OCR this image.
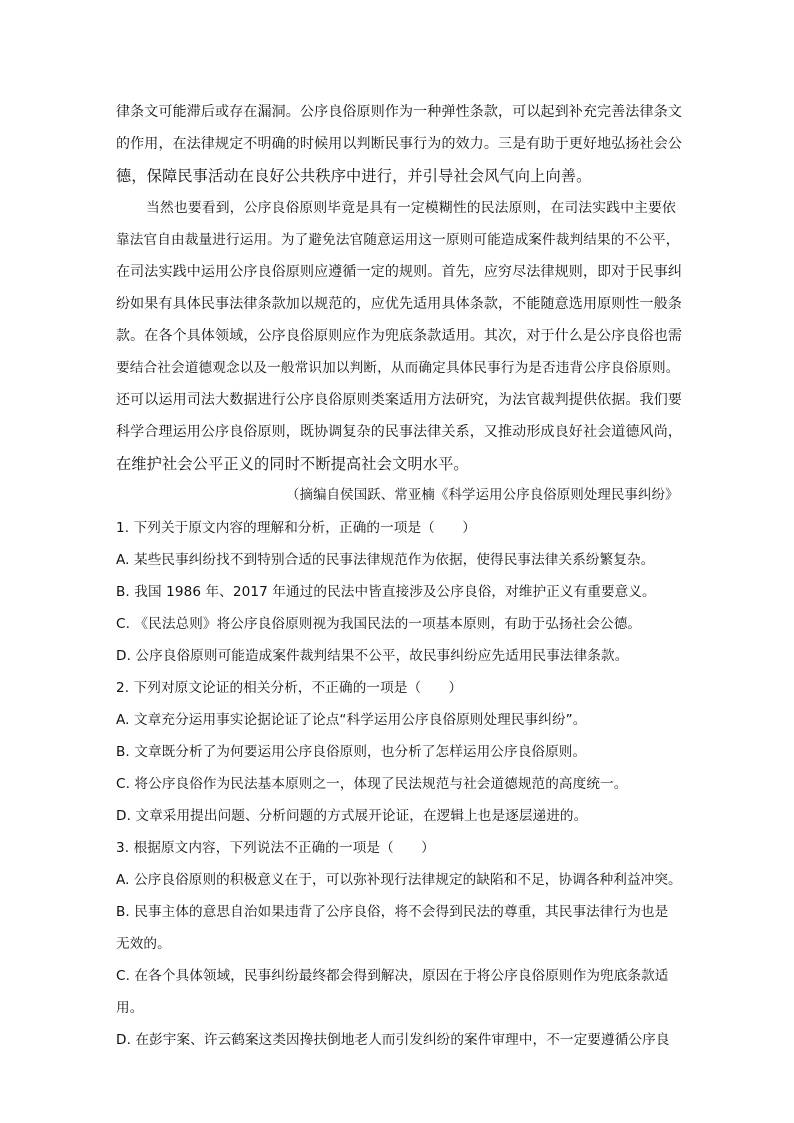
律条文可能滞后或存在漏洞。公序良俗原则作为一种弹性条款，可以起到补充完善法律条文
的作用，在法律规定不明确的时候用以判断民事行为的效力。三是有助于更好地弘扬社会公
德，保障民事活动在良好公共秩序中进行，并引导社会风气向上向善。
当然也要看到，公序良俗原则毕竟是具有一定模糊性的民法原则，在司法实践中主要依
靠法官自由裁量进行运用。为了避免法官随意运用这一原则可能造成案件裁判结果的不公平，
在司法实践中运用公序良俗原则应遵循一定的规则。首先，应穷尽法律规则，即对于民事纠
纷如果有具体民事法律条款加以规范的，应优先适用具体条款，不能随意选用原则性一般条
款。在各个具体领域，公序良俗原则应作为兜底条款适用。其次，对于什么是公序良俗也需
要结合社会道德观念以及一般常识加以判断，从而确定具体民事行为是否违背公序良俗原则。
还可以运用司法大数据进行公序良俗原则类案适用方法研究，为法官裁判提供依据。我们要
科学合理运用公序良俗原则，既协调复杂的民事法律关系，又推动形成良好社会道德风尚，
在维护社会公平正义的同时不断提高社会文明水平。
（摘编自侯国跃、常亚楠《科学运用公序良俗原则处理民事纠纷》
1. 下列关于原文内容的理解和分析，正确的一项是（　　）
A. 某些民事纠纷找不到特别合适的民事法律规范作为依据，使得民事法律关系纷繁复杂。
B. 我国 1986 年、2017 年通过的民法中皆直接涉及公序良俗，对维护正义有重要意义。
C. 《民法总则》将公序良俗原则视为我国民法的一项基本原则，有助于弘扬社会公德。
D. 公序良俗原则可能造成案件裁判结果不公平，故民事纠纷应先适用民事法律条款。
2. 下列对原文论证的相关分析，不正确的一项是（　　）
A. 文章充分运用事实论据论证了论点“科学运用公序良俗原则处理民事纠纷”。
B. 文章既分析了为何要运用公序良俗原则，也分析了怎样运用公序良俗原则。
C. 将公序良俗作为民法基本原则之一，体现了民法规范与社会道德规范的高度统一。
D. 文章采用提出问题、分析问题的方式展开论证，在逻辑上也是逐层递进的。
3. 根据原文内容，下列说法不正确的一项是（　　）
A. 公序良俗原则的积极意义在于，可以弥补现行法律规定的缺陷和不足，协调各种利益冲突。
B. 民事主体的意思自治如果违背了公序良俗，将不会得到民法的尊重，其民事法律行为也是
无效的。
C. 在各个具体领域，民事纠纷最终都会得到解决，原因在于将公序良俗原则作为兜底条款适
用。
D. 在彭宇案、许云鹤案这类因搀扶倒地老人而引发纠纷的案件审理中，不一定要遵循公序良
